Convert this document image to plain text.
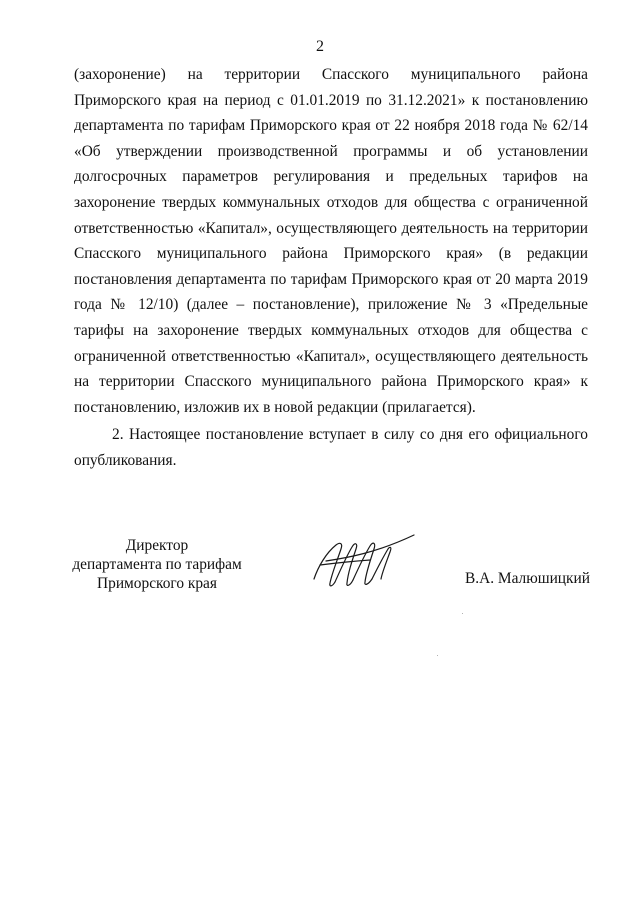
2

(захоронение) на территории Спасского муниципального района Приморского края на период с 01.01.2019 по 31.12.2021» к постановлению департамента по тарифам Приморского края от 22 ноября 2018 года № 62/14 «Об утверждении производственной программы и об установлении долгосрочных параметров регулирования и предельных тарифов на захоронение твердых коммунальных отходов для общества с ограниченной ответственностью «Капитал», осуществляющего деятельность на территории Спасского муниципального района Приморского края» (в редакции постановления департамента по тарифам Приморского края от 20 марта 2019 года № 12/10) (далее – постановление), приложение № 3 «Предельные тарифы на захоронение твердых коммунальных отходов для общества с ограниченной ответственностью «Капитал», осуществляющего деятельность на территории Спасского муниципального района Приморского края» к постановлению, изложив их в новой редакции (прилагается).

2. Настоящее постановление вступает в силу со дня его официального опубликования.

Директор
департамента по тарифам
Приморского края	В.А. Малюшицкий
